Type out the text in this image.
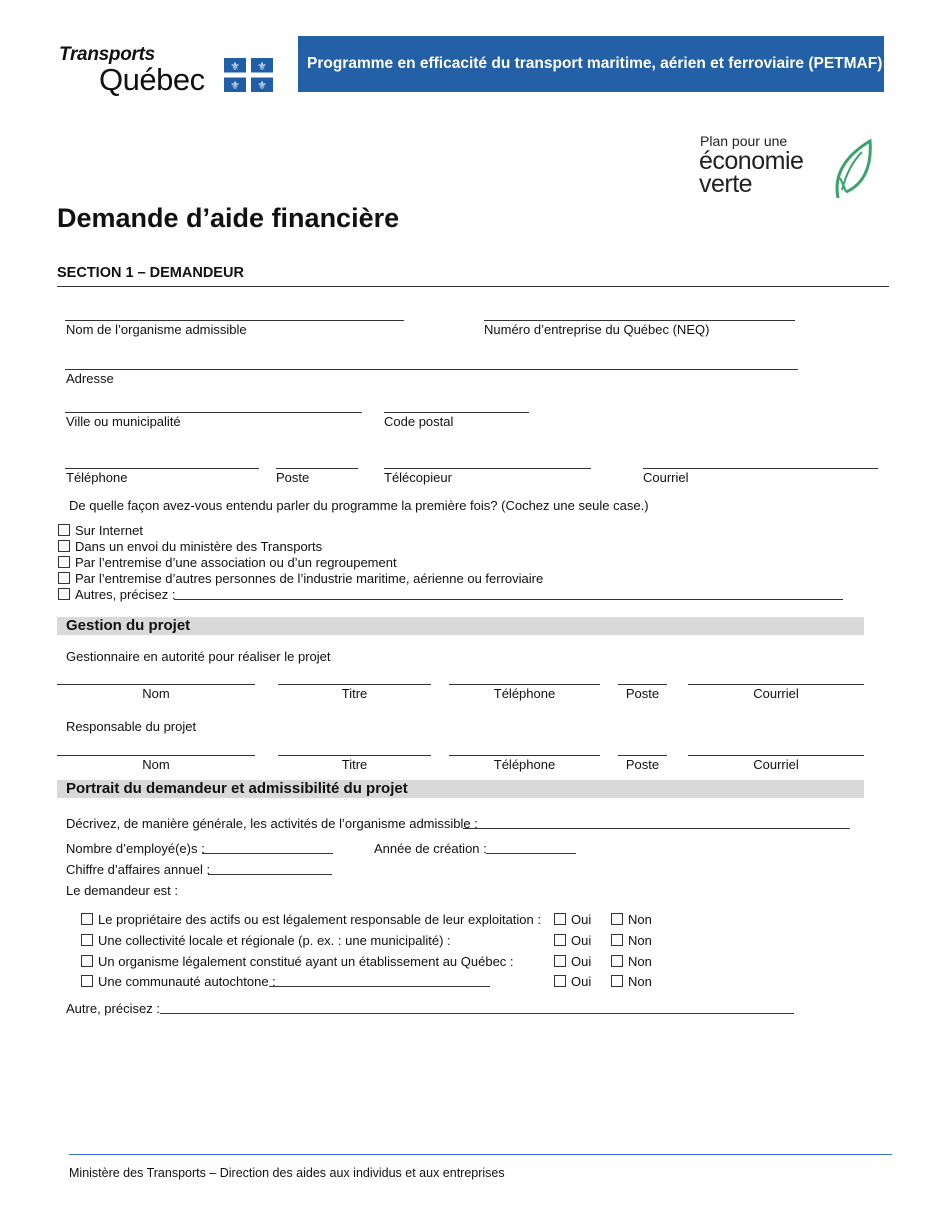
Transports
Québec ⚜ ⚜
⚜ ⚜
Programme en efficacité du transport maritime, aérien et ferroviaire (PETMAF)
Plan pour une
économie
verte
Demande d’aide financière
SECTION 1 – DEMANDEUR
Nom de l’organisme admissible	Numéro d’entreprise du Québec (NEQ)
Adresse
Ville ou municipalité	Code postal
Téléphone	Poste	Télécopieur	Courriel
De quelle façon avez-vous entendu parler du programme la première fois? (Cochez une seule case.)
Sur Internet
Dans un envoi du ministère des Transports
Par l’entremise d’une association ou d’un regroupement
Par l’entremise d’autres personnes de l’industrie maritime, aérienne ou ferroviaire
Autres, précisez :
Gestion du projet
Gestionnaire en autorité pour réaliser le projet
Nom	Titre	Téléphone	Poste	Courriel
Responsable du projet
Nom	Titre	Téléphone	Poste	Courriel
Portrait du demandeur et admissibilité du projet
Décrivez, de manière générale, les activités de l’organisme admissible :
Nombre d’employé(e)s :	Année de création :
Chiffre d’affaires annuel :
Le demandeur est :
Le propriétaire des actifs ou est légalement responsable de leur exploitation :	Oui	Non
Une collectivité locale et régionale (p. ex. : une municipalité) :	Oui	Non
Un organisme légalement constitué ayant un établissement au Québec :	Oui	Non
Une communauté autochtone :	Oui	Non
Autre, précisez :
Ministère des Transports – Direction des aides aux individus et aux entreprises
